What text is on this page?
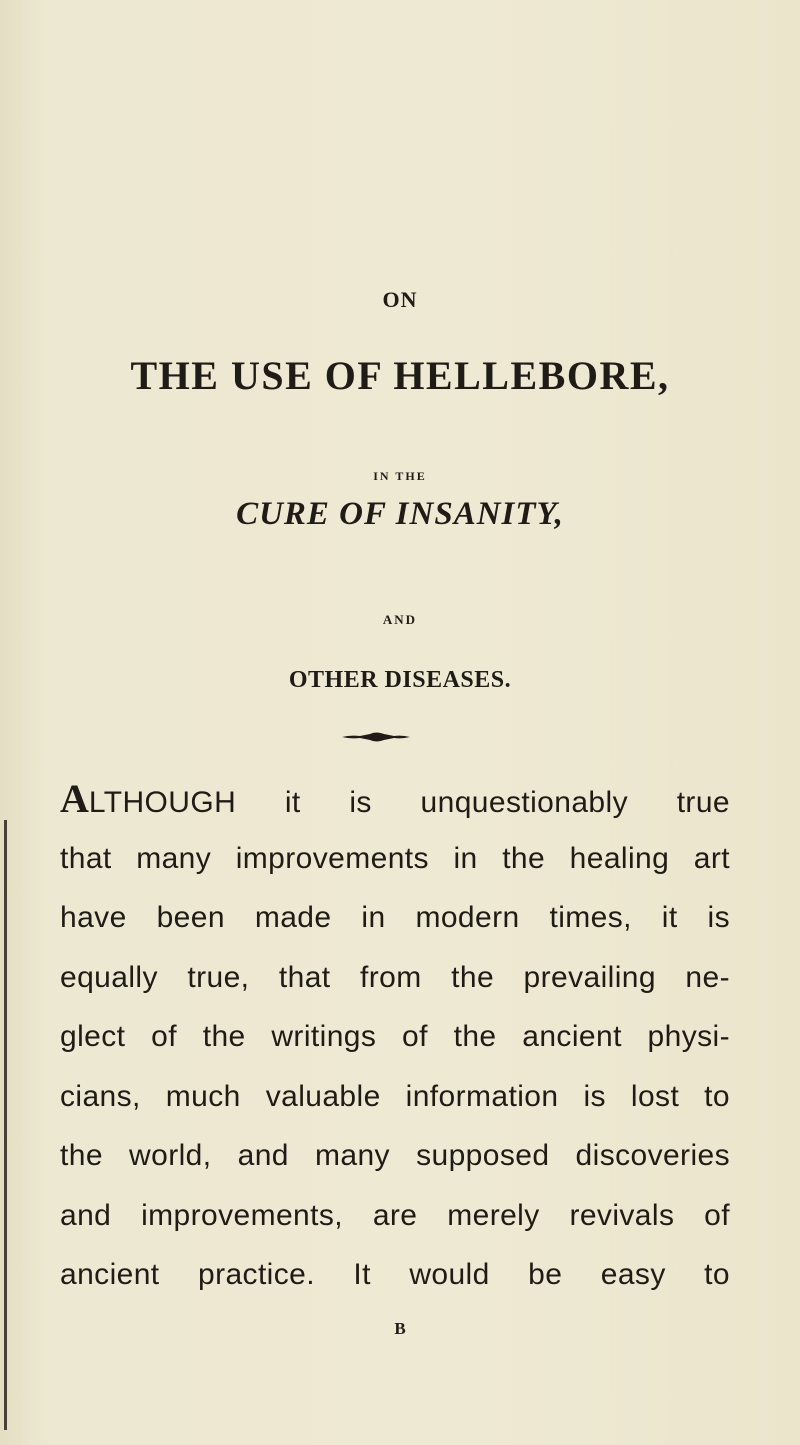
ON
THE USE OF HELLEBORE,
IN THE
CURE OF INSANITY,
AND
OTHER DISEASES.
ALTHOUGH it is unquestionably true
that many improvements in the healing art
have been made in modern times, it is
equally true, that from the prevailing ne-
glect of the writings of the ancient physi-
cians, much valuable information is lost to
the world, and many supposed discoveries
and improvements, are merely revivals of
ancient practice. It would be easy to
B
